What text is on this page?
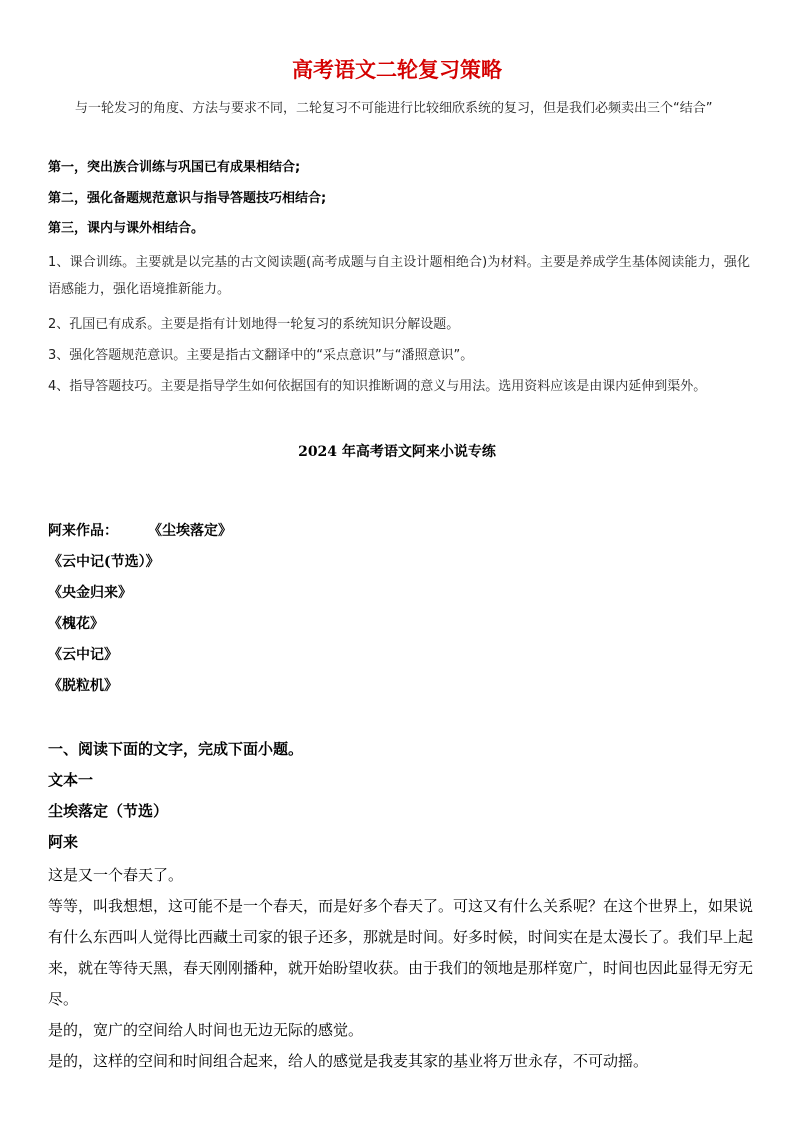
高考语文二轮复习策略
与一轮发习的角度、方法与要求不同，二轮复习不可能进行比较细欣系统的复习，但是我们必频卖出三个“结合”
第一，突出族合训练与巩国已有成果相结合;
第二，强化备题规范意识与指导答题技巧相结合;
第三，课内与课外相结合。
1、课合训练。主要就是以完基的古文阅读题(高考成题与自主设计题相绝合)为材料。主要是养成学生基体阅读能力，强化语感能力，强化语境推新能力。
2、孔国已有成系。主要是指有计划地得一轮复习的系统知识分解设题。
3、强化答题规范意识。主要是指古文翻译中的“采点意识”与“潘照意识”。
4、指导答题技巧。主要是指导学生如何依据国有的知识推断调的意义与用法。选用资料应该是由课内延伸到渠外。
2024 年高考语文阿来小说专练
阿来作品： 《尘埃落定》
《云中记(节选）》
《央金归来》
《槐花》
《云中记》
《脱粒机》
一、阅读下面的文字，完成下面小题。
文本一
尘埃落定（节选）
阿来
这是又一个春天了。
等等，叫我想想，这可能不是一个春天，而是好多个春天了。可这又有什么关系呢？在这个世界上，如果说有什么东西叫人觉得比西藏土司家的银子还多，那就是时间。好多时候，时间实在是太漫长了。我们早上起来，就在等待天黑，春天刚刚播种，就开始盼望收获。由于我们的领地是那样宽广，时间也因此显得无穷无尽。
是的，宽广的空间给人时间也无边无际的感觉。
是的，这样的空间和时间组合起来，给人的感觉是我麦其家的基业将万世永存，不可动摇。
